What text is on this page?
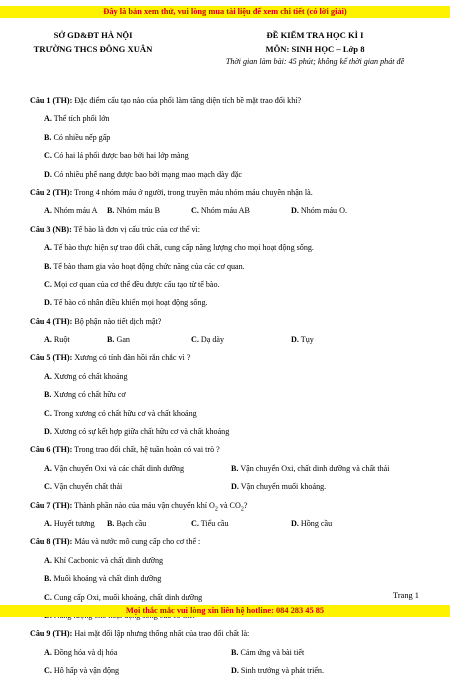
Đây là bản xem thử, vui lòng mua tài liệu để xem chi tiết (có lời giải)
SỞ GD&ĐT HÀ NỘI
TRƯỜNG THCS ĐÔNG XUÂN
ĐỀ KIỂM TRA HỌC KÌ I
MÔN: SINH HỌC – Lớp 8
Thời gian làm bài: 45 phút; không kể thời gian phát đề
Câu 1 (TH): Đặc điểm cấu tạo nào của phổi làm tăng diện tích bề mặt trao đổi khí?
A. Thể tích phổi lớn
B. Có nhiều nếp gấp
C. Có hai lá phổi được bao bởi hai lớp màng
D. Có nhiều phế nang được bao bởi mạng mao mạch dày đặc
Câu 2 (TH): Trong 4 nhóm máu ở người, trong truyền máu nhóm máu chuyên nhận là.
A. Nhóm máu A	B. Nhóm máu B	C. Nhóm máu AB	D. Nhóm máu O.
Câu 3 (NB): Tế bào là đơn vị cấu trúc của cơ thể vì:
A. Tế bào thực hiện sự trao đổi chất, cung cấp năng lượng cho mọi hoạt động sống.
B. Tế bào tham gia vào hoạt động chức năng của các cơ quan.
C. Mọi cơ quan của cơ thể đều được cấu tạo từ tế bào.
D. Tế bào có nhân điều khiển mọi hoạt động sống.
Câu 4 (TH): Bộ phận nào tiết dịch mật?
A. Ruột	B. Gan	C. Dạ dày	D. Tụy
Câu 5 (TH): Xương có tính đàn hồi rắn chắc vì ?
A. Xương có chất khoáng
B. Xương có chất hữu cơ
C. Trong xương có chất hữu cơ và chất khoáng
D. Xương có sự kết hợp giữa chất hữu cơ và chất khoáng
Câu 6 (TH): Trong trao đổi chất, hệ tuần hoàn có vai trò ?
A. Vận chuyển Oxi và các chất dinh dưỡng	B. Vận chuyển Oxi, chất dinh dưỡng và chất thải
C. Vận chuyển chất thải	D. Vận chuyển muối khoáng.
Câu 7 (TH): Thành phần nào của máu vận chuyển khí $O_2$ và $CO_2$?
A. Huyết tương	B. Bạch cầu	C. Tiểu cầu	D. Hồng cầu
Câu 8 (TH): Máu và nước mô cung cấp cho cơ thể :
A. Khí Cacbonic và chất dinh dưỡng
B. Muối khoáng và chất dinh dưỡng
C. Cung cấp Oxi, muối khoáng, chất dinh dưỡng
Câu 9 (TH): Hai mặt đối lập nhưng thống nhất của trao đổi chất là:
A. Đồng hóa và dị hóa	B. Cảm ứng và bài tiết
C. Hô hấp và vận động	D. Sinh trưởng và phát triển.
Trang 1
Mọi thắc mắc vui lòng xin liên hệ hotline: 084 283 45 85
